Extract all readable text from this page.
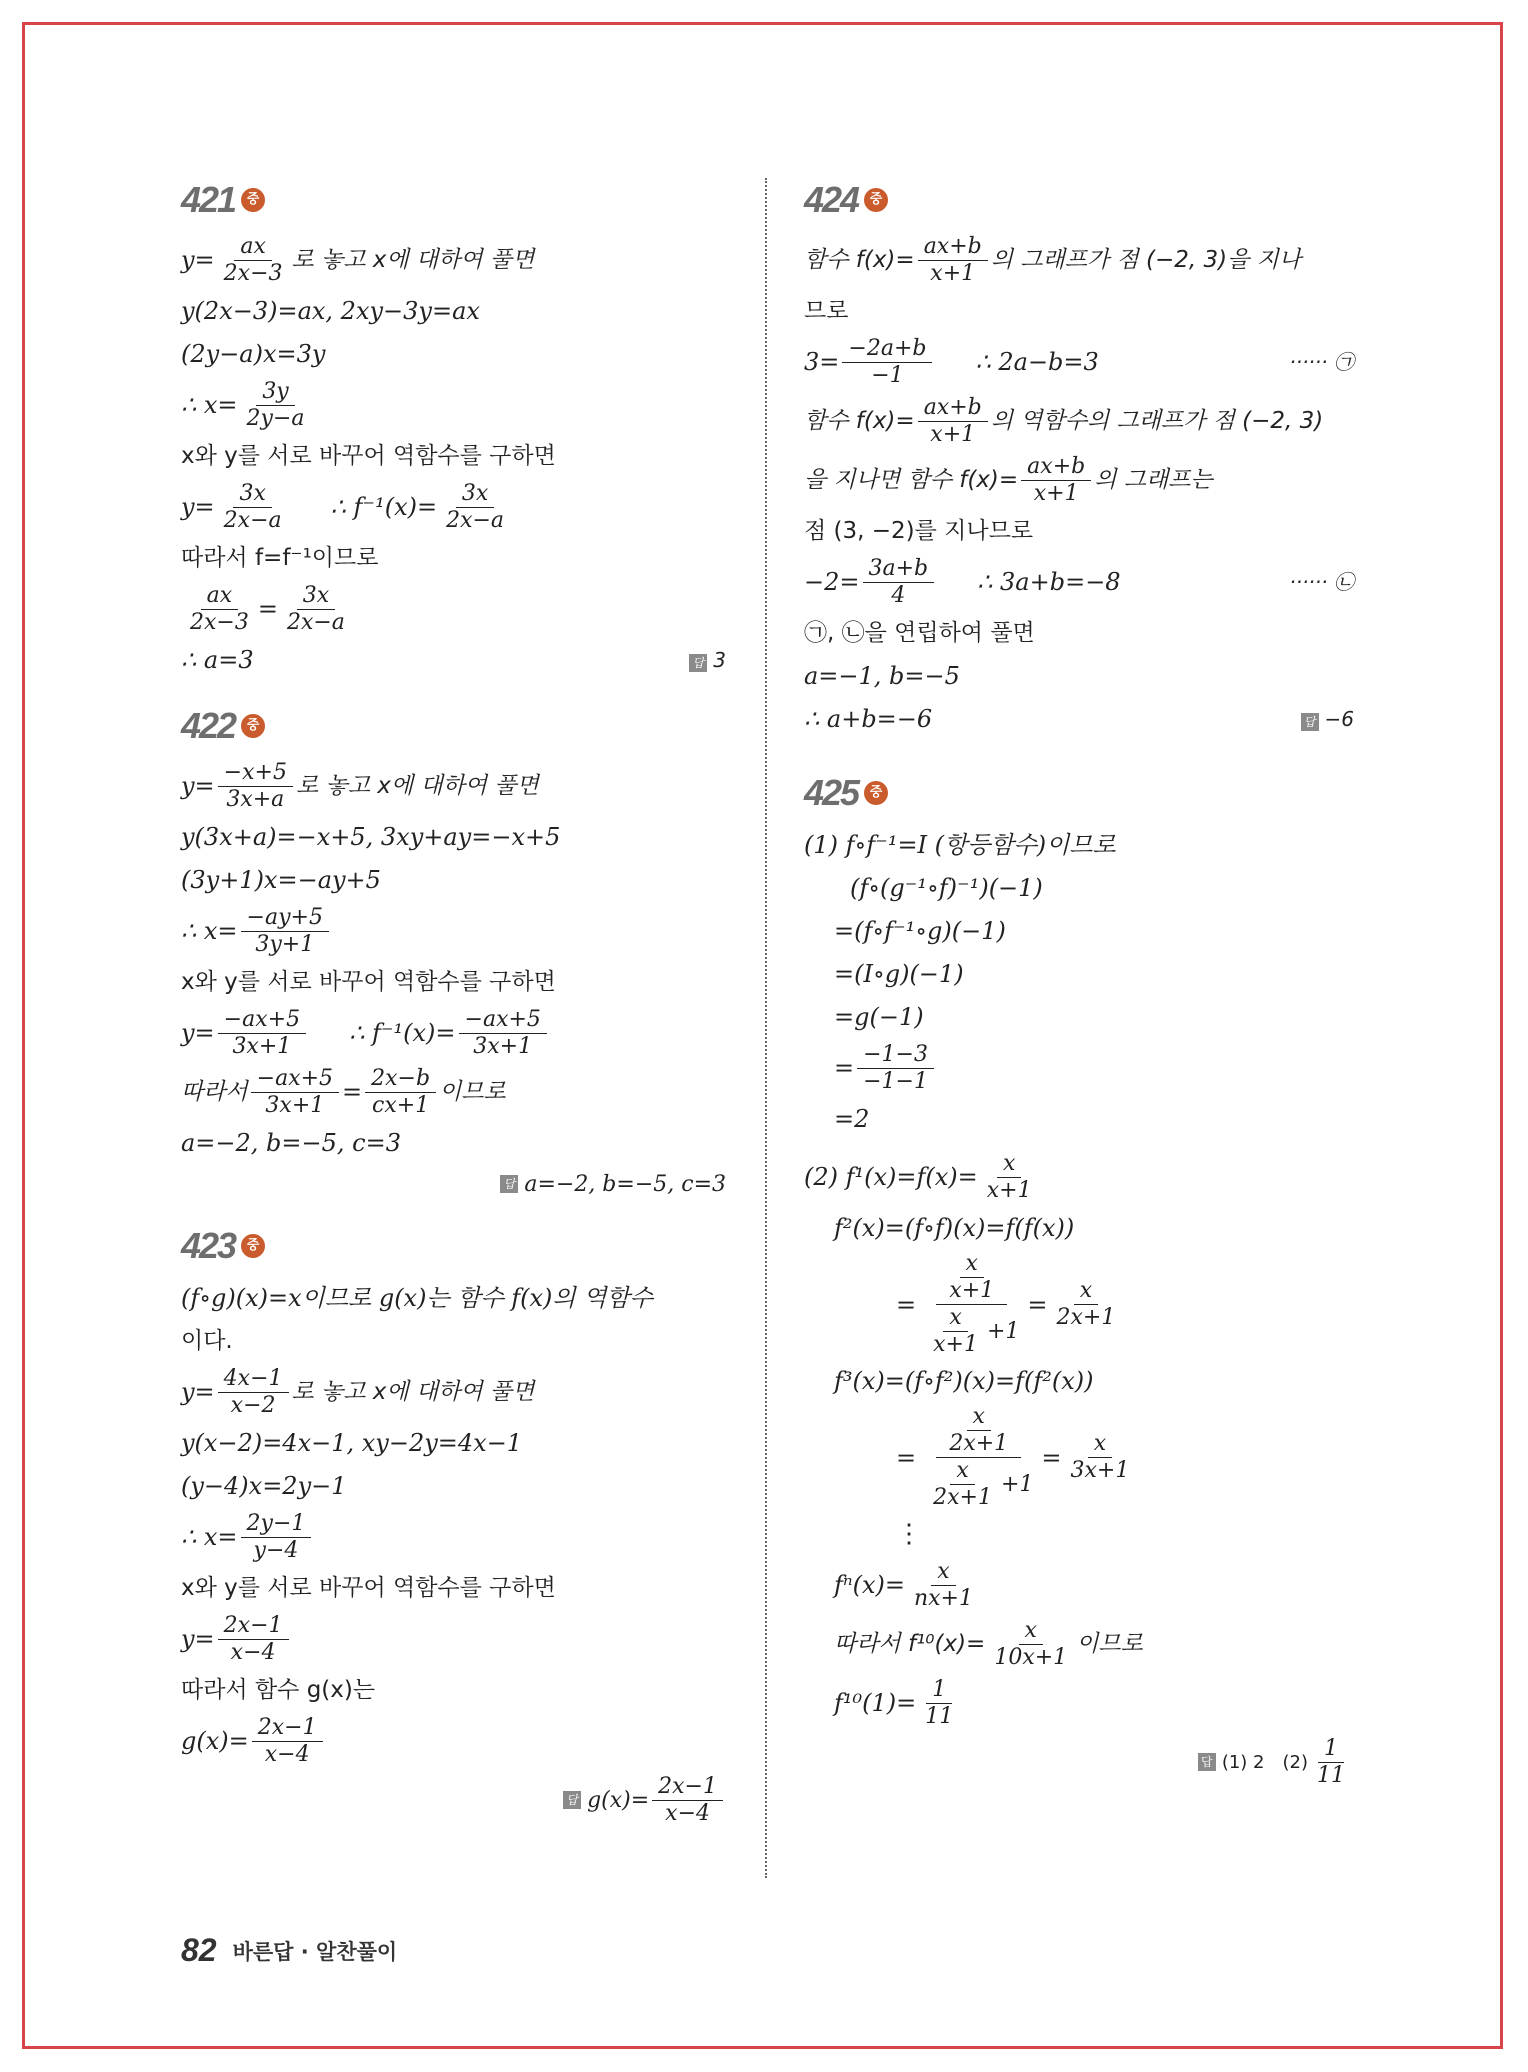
421 중
$y= \frac{ax}{2x-3}$ 로 놓고 x에 대하여 풀면
y(2x−3)=ax, 2xy−3y=ax
(2y−a)x=3y
∴ $x= \frac{3y}{2y-a}$
x와 y를 서로 바꾸어 역함수를 구하면
$y= \frac{3x}{2x-a}$ ∴ $f^{-1}(x)= \frac{3x}{2x-a}$
따라서 f=f⁻¹이므로
$\frac{ax}{2x-3} = \frac{3x}{2x-a}$
∴ a=3	답 3
422 중
$y= \frac{-x+5}{3x+a}$ 로 놓고 x에 대하여 풀면
y(3x+a)=−x+5, 3xy+ay=−x+5
(3y+1)x=−ay+5
∴ $x= \frac{-ay+5}{3y+1}$
x와 y를 서로 바꾸어 역함수를 구하면
$y= \frac{-ax+5}{3x+1}$ ∴ $f^{-1}(x)= \frac{-ax+5}{3x+1}$
따라서 $\frac{-ax+5}{3x+1} = \frac{2x-b}{cx+1}$ 이므로
a=−2, b=−5, c=3
답 a=−2, b=−5, c=3
423 중
(f∘g)(x)=x이므로 g(x)는 함수 f(x)의 역함수
이다.
$y= \frac{4x-1}{x-2}$ 로 놓고 x에 대하여 풀면
y(x−2)=4x−1, xy−2y=4x−1
(y−4)x=2y−1
∴ $x= \frac{2y-1}{y-4}$
x와 y를 서로 바꾸어 역함수를 구하면
$y= \frac{2x-1}{x-4}$
따라서 함수 g(x)는
$g(x)= \frac{2x-1}{x-4}$
답 $g(x)= \frac{2x-1}{x-4}$
424 중
함수 $f(x)= \frac{ax+b}{x+1}$ 의 그래프가 점 (−2, 3)을 지나
므로
$3= \frac{-2a+b}{-1}$ ∴ 2a−b=3	······ ㉠
함수 $f(x)= \frac{ax+b}{x+1}$ 의 역함수의 그래프가 점 (−2, 3)
을 지나면 함수 $f(x)= \frac{ax+b}{x+1}$ 의 그래프는
점 (3, −2)를 지나므로
$-2= \frac{3a+b}{4}$ ∴ 3a+b=−8	······ ㉡
㉠, ㉡을 연립하여 풀면
a=−1, b=−5
∴ a+b=−6	답 −6
425 중
(1) f∘f⁻¹=I (항등함수)이므로
(f∘(g⁻¹∘f)⁻¹)(−1)
=(f∘f⁻¹∘g)(−1)
=(I∘g)(−1)
=g(−1)
= $\frac{-1-3}{-1-1}$
=2
(2) $f^1(x)=f(x)= \frac{x}{x+1}$
f²(x)=(f∘f)(x)=f(f(x))
= $\frac{\frac{x}{x+1}}{\frac{x}{x+1} +1} = \frac{x}{2x+1}$
f³(x)=(f∘f²)(x)=f(f²(x))
= $\frac{\frac{x}{2x+1}}{\frac{x}{2x+1} +1} = \frac{x}{3x+1}$
⋮
$f^n(x)= \frac{x}{nx+1}$
따라서 $f^{10}(x)= \frac{x}{10x+1}$ 이므로
$f^{10}(1)= \frac{1}{11}$
답 (1) 2 $(2) \frac{1}{11}$
82 바른답 · 알찬풀이
